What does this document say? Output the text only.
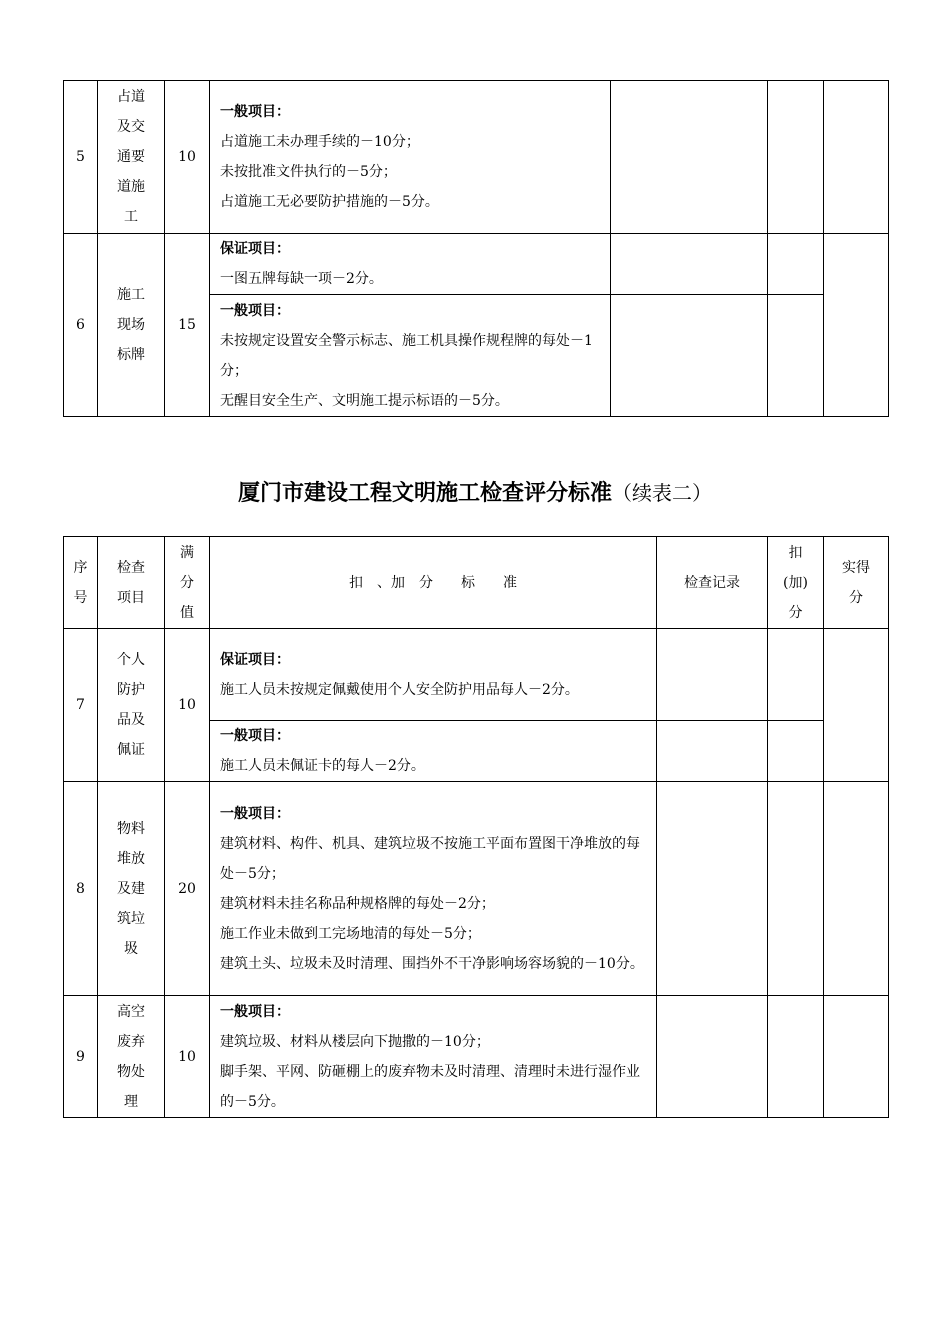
5	占道及交通要道施工	10	一般项目：
占道施工未办理手续的－10分；
未按批准文件执行的－5分；
占道施工无必要防护措施的－5分。			

6	施工现场标牌	15	保证项目：
一图五牌每缺一项－2分。			

			一般项目：
未按规定设置安全警示标志、施工机具操作规程牌的每处－1分；
无醒目安全生产、文明施工提示标语的－5分。			

厦门市建设工程文明施工检查评分标准（续表二）
序号	检查项目	满分值	扣　、加　分　　标　　准	检查记录	扣(加)分	实得分
7	个人防护品及佩证	10	保证项目：
施工人员未按规定佩戴使用个人安全防护用品每人－2分。			

			一般项目：
施工人员未佩证卡的每人－2分。			

8	物料堆放及建筑垃圾	20	一般项目：
建筑材料、构件、机具、建筑垃圾不按施工平面布置图干净堆放的每处－5分；
建筑材料未挂名称品种规格牌的每处－2分；
施工作业未做到工完场地清的每处－5分；
建筑土头、垃圾未及时清理、围挡外不干净影响场容场貌的－10分。			

9	高空废弃物处理	10	一般项目：
建筑垃圾、材料从楼层向下抛撒的－10分；
脚手架、平网、防砸棚上的废弃物未及时清理、清理时未进行湿作业的－5分。			
